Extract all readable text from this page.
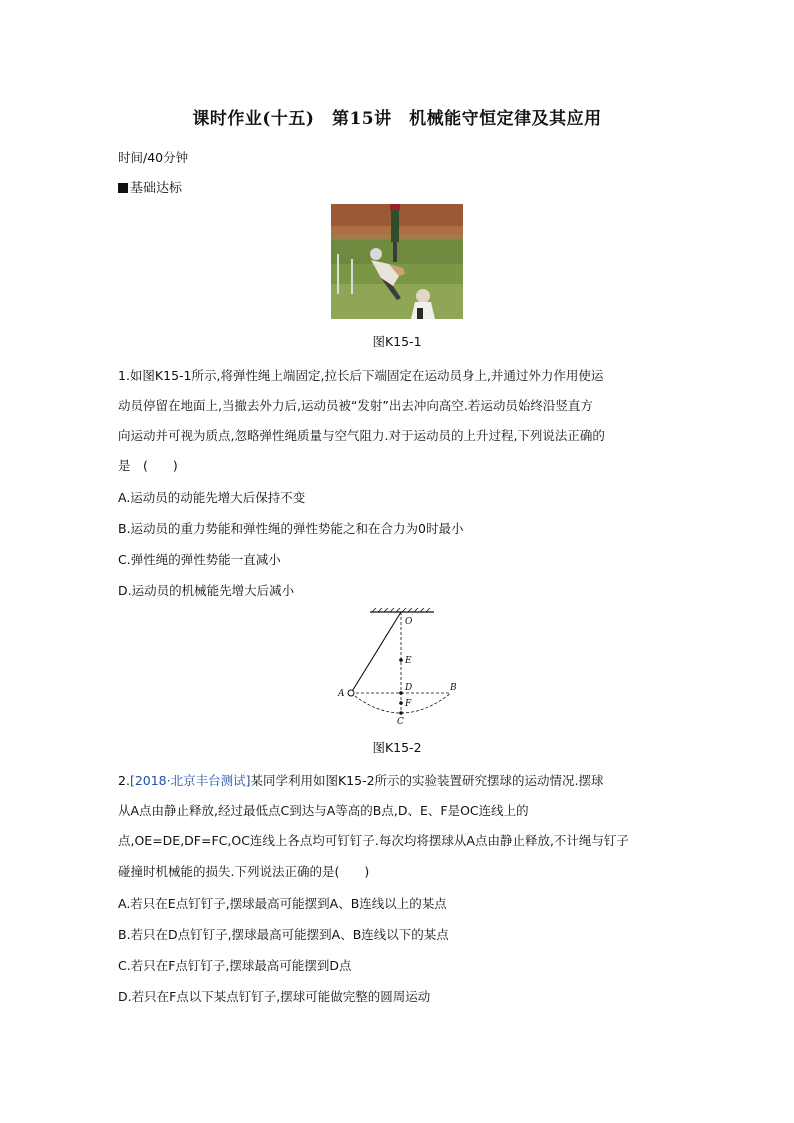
课时作业(十五)　第15讲　机械能守恒定律及其应用
时间/40分钟
基础达标
图K15-1
1.如图K15-1所示,将弹性绳上端固定,拉长后下端固定在运动员身上,并通过外力作用使运
动员停留在地面上,当撤去外力后,运动员被“发射”出去冲向高空.若运动员始终沿竖直方
向运动并可视为质点,忽略弹性绳质量与空气阻力.对于运动员的上升过程,下列说法正确的
是　(　　)
A.运动员的动能先增大后保持不变
B.运动员的重力势能和弹性绳的弹性势能之和在合力为0时最小
C.弹性绳的弹性势能一直减小
D.运动员的机械能先增大后减小
O
E
D
F
C
A
B
图K15-2
2.[2018·北京丰台测试]某同学利用如图K15-2所示的实验装置研究摆球的运动情况.摆球
从A点由静止释放,经过最低点C到达与A等高的B点,D、E、F是OC连线上的
点,OE=DE,DF=FC,OC连线上各点均可钉钉子.每次均将摆球从A点由静止释放,不计绳与钉子
碰撞时机械能的损失.下列说法正确的是(　　)
A.若只在E点钉钉子,摆球最高可能摆到A、B连线以上的某点
B.若只在D点钉钉子,摆球最高可能摆到A、B连线以下的某点
C.若只在F点钉钉子,摆球最高可能摆到D点
D.若只在F点以下某点钉钉子,摆球可能做完整的圆周运动
